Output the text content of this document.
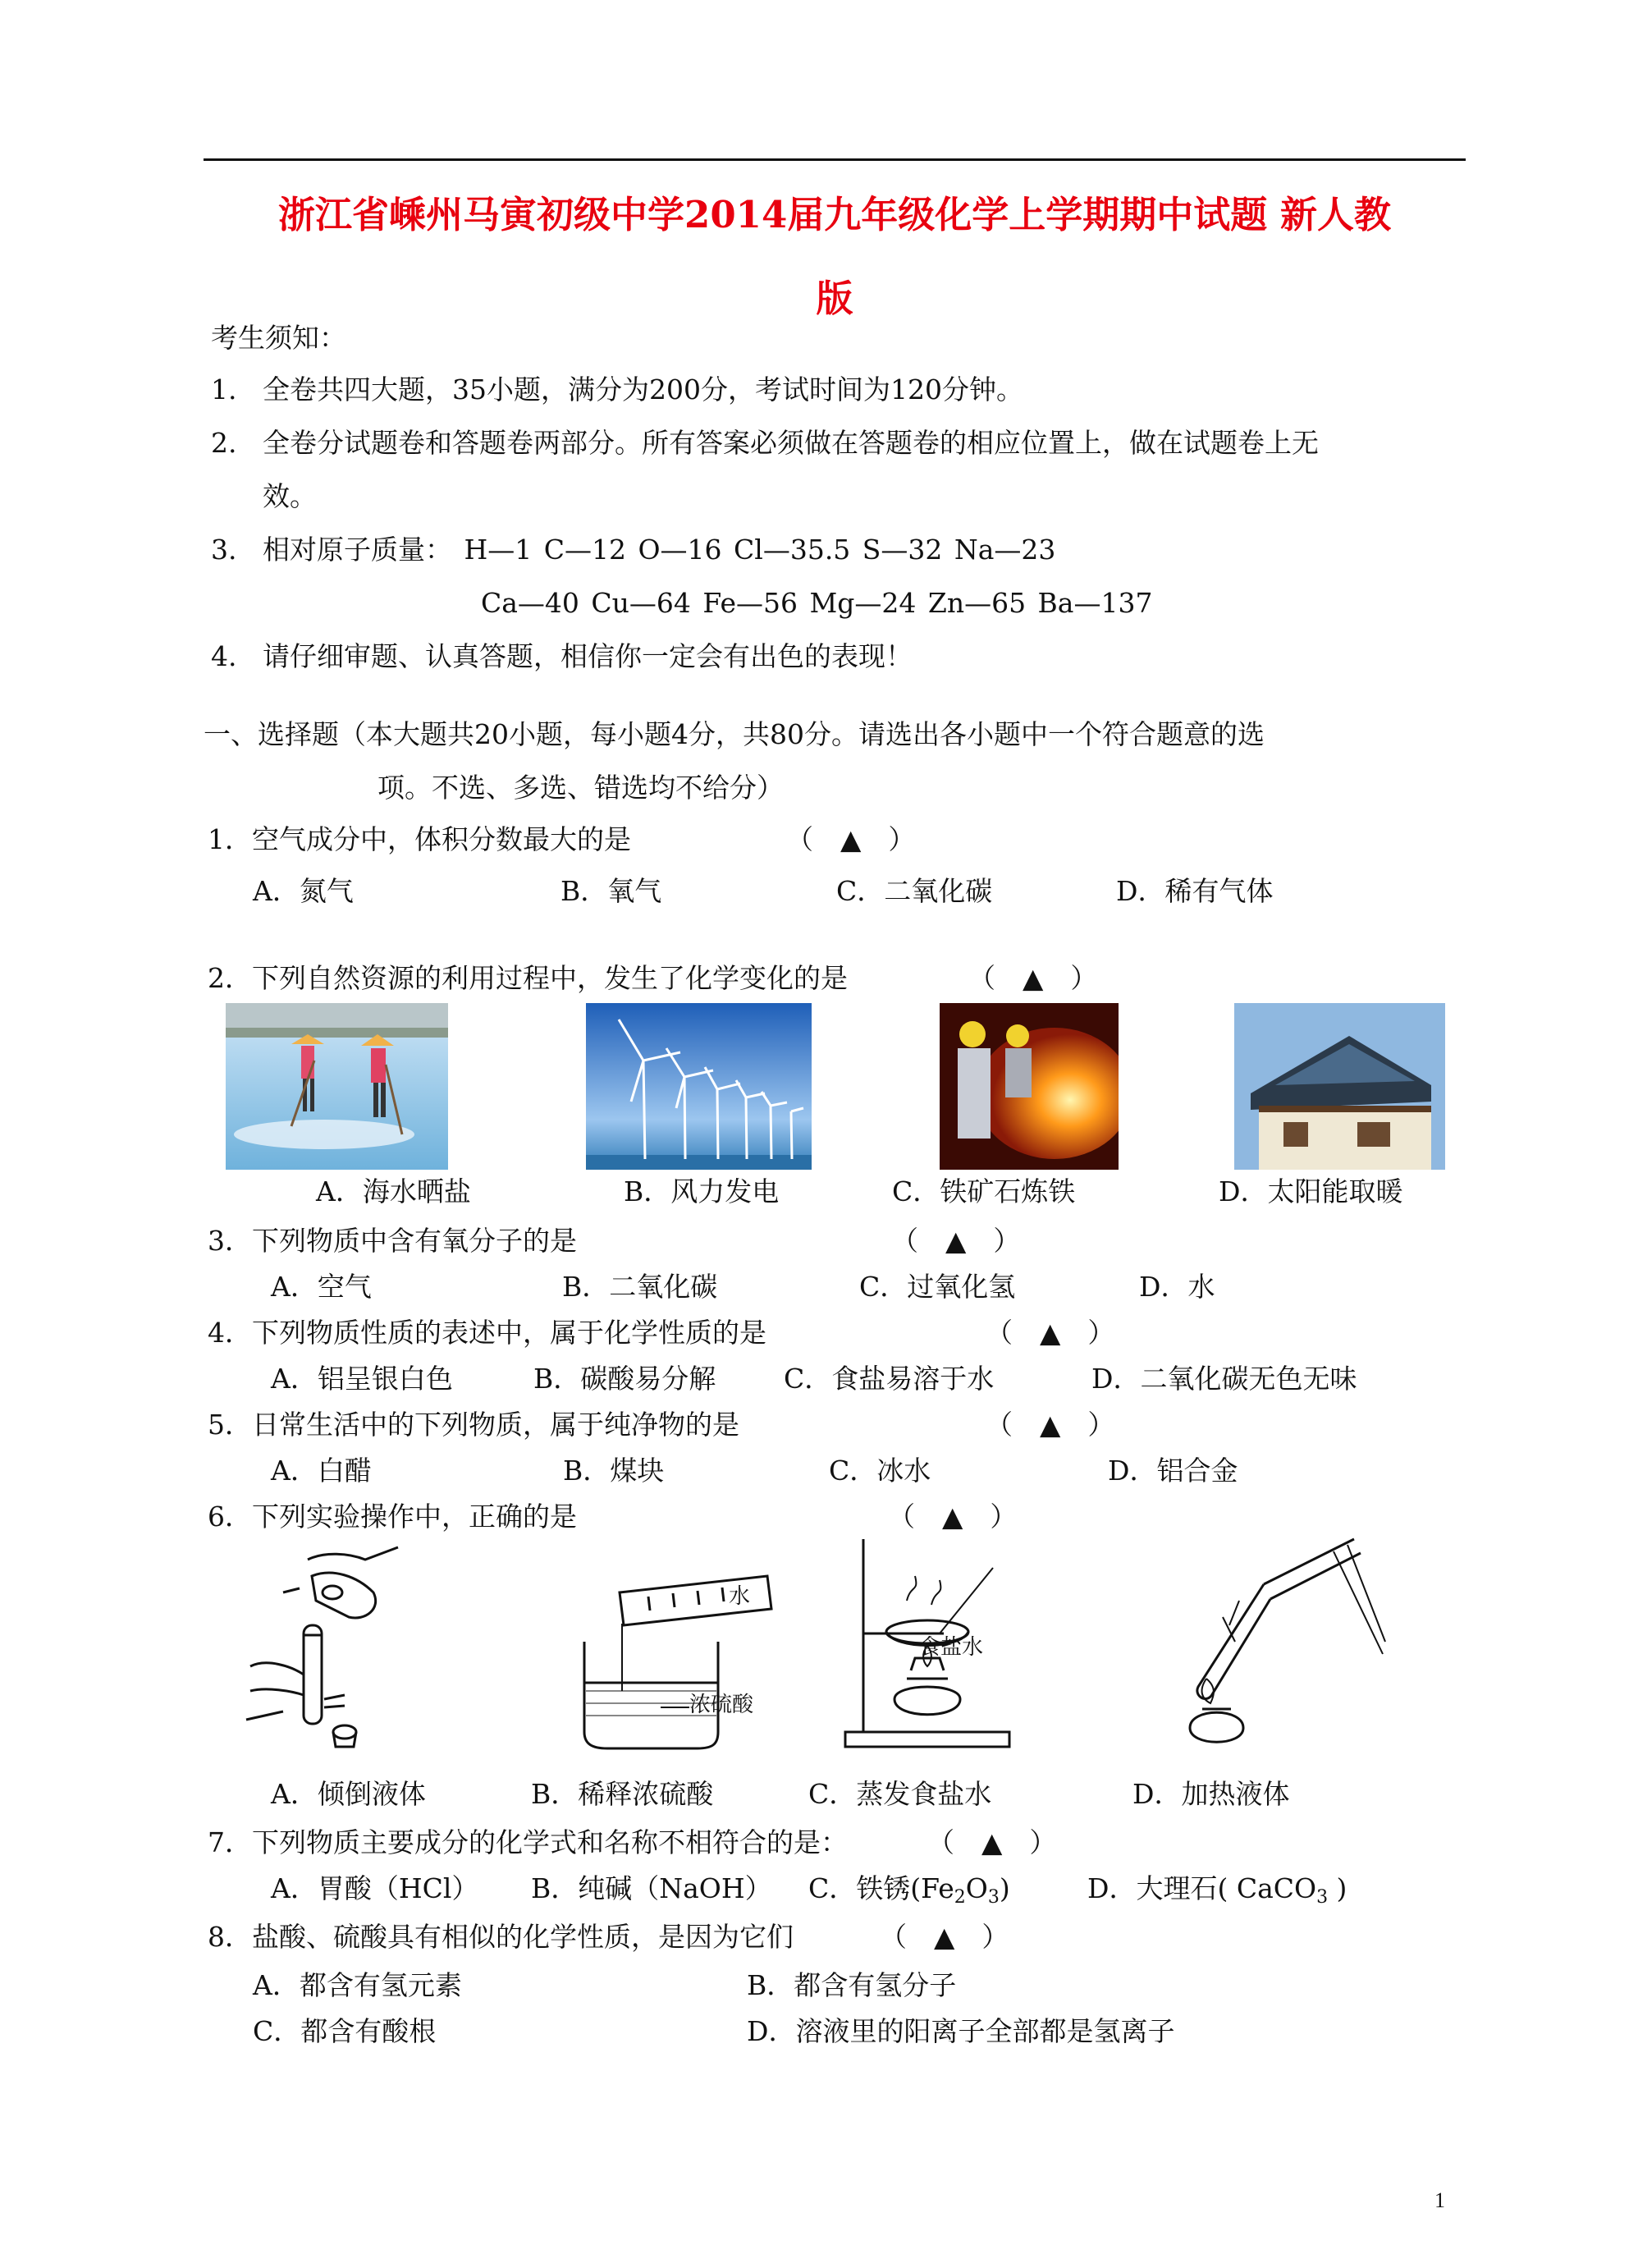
浙江省嵊州马寅初级中学2014届九年级化学上学期期中试题 新人教
版
考生须知：
1. 全卷共四大题，35小题，满分为200分，考试时间为120分钟。
2. 全卷分试题卷和答题卷两部分。所有答案必须做在答题卷的相应位置上，做在试题卷上无
效。
3. 相对原子质量： H—1 C—12 O—16 Cl—35.5 S—32 Na—23
Ca—40 Cu—64 Fe—56 Mg—24 Zn—65 Ba—137
4. 请仔细审题、认真答题，相信你一定会有出色的表现！
一、选择题（本大题共20小题，每小题4分，共80分。请选出各小题中一个符合题意的选
项。不选、多选、错选均不给分）
1．空气成分中，体积分数最大的是	（　▲　）
A．氮气	B．氧气	C．二氧化碳	D．稀有气体
2．下列自然资源的利用过程中，发生了化学变化的是	（　▲　）
A．海水晒盐	B．风力发电	C．铁矿石炼铁	D．太阳能取暖
3．下列物质中含有氧分子的是	（　▲　）
A．空气	B．二氧化碳	C．过氧化氢	D．水
4．下列物质性质的表述中，属于化学性质的是	（　▲　）
A．铝呈银白色	B．碳酸易分解	C．食盐易溶于水	D．二氧化碳无色无味
5．日常生活中的下列物质，属于纯净物的是	（　▲　）
A．白醋	B．煤块	C．冰水	D．铝合金
6．下列实验操作中，正确的是	（　▲　）
水
浓硫酸
食盐水
A．倾倒液体	B．稀释浓硫酸	C．蒸发食盐水	D．加热液体
7．下列物质主要成分的化学式和名称不相符合的是：	（　▲　）
A．胃酸（HCl） B．纯碱（NaOH） C．铁锈$(Fe_2O_3)$	D．大理石( CaCO$_3$ )
8．盐酸、硫酸具有相似的化学性质，是因为它们	（　▲　）
A．都含有氢元素	B．都含有氢分子
C．都含有酸根	D．溶液里的阳离子全部都是氢离子
1
